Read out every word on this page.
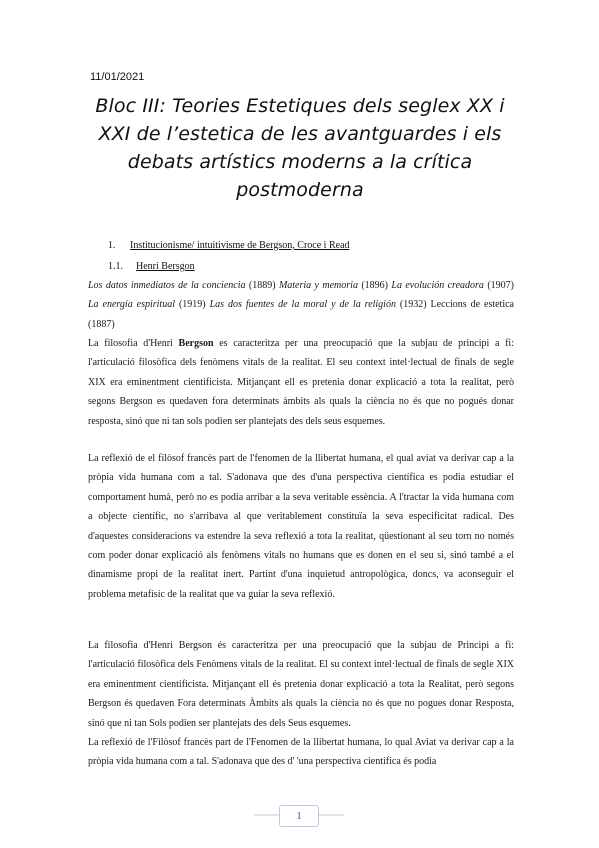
11/01/2021
Bloc III: Teories Estetiques dels seglex XX i XXI de l’estetica de les avantguardes i els debats artístics moderns a la crítica postmoderna
1. Institucionisme/ intuitivisme de Bergson, Croce i Read
1.1. Henri Bersgon

Los datos inmediatos de la conciencia (1889) Materia y memoria (1896) La evolución creadora (1907) La energía espiritual (1919) Las dos fuentes de la moral y de la religión (1932) Leccions de estetica (1887)

La filosofia d'Henri Bergson es caracteritza per una preocupació que la subjau de principi a fi: l'articulació filosòfica dels fenòmens vitals de la realitat. El seu context intel·lectual de finals de segle XIX era eminentment cientificista. Mitjançant ell es pretenia donar explicació a tota la realitat, però segons Bergson es quedaven fora determinats àmbits als quals la ciència no és que no pogués donar resposta, sinó que ni tan sols podien ser plantejats des dels seus esquemes.

La reflexió de el filòsof francès part de l'fenomen de la llibertat humana, el qual aviat va derivar cap a la pròpia vida humana com a tal. S'adonava que des d'una perspectiva científica es podia estudiar el comportament humà, però no es podia arribar a la seva veritable essència. A l'tractar la vida humana com a objecte científic, no s'arribava al que veritablement constituïa la seva especificitat radical. Des d'aquestes consideracions va estendre la seva reflexió a tota la realitat, qüestionant al seu torn no només com poder donar explicació als fenòmens vitals no humans que es donen en el seu si, sinó també a el dinamisme propi de la realitat inert. Partint d'una inquietud antropològica, doncs, va aconseguir el problema metafísic de la realitat que va guiar la seva reflexió.

La filosofia d'Henri Bergson és caracteritza per una preocupació que la subjau de Principi a fi: l'articulació filosòfica dels Fenòmens vitals de la realitat. El su context intel·lectual de finals de segle XIX era eminentment cientificista. Mitjançant ell és pretenia donar explicació a tota la Realitat, però segons Bergson és quedaven Fora determinats Àmbits als quals la ciència no és que no pogues donar Resposta, sinó que ni tan Sols podien ser plantejats des dels Seus esquemes.

La reflexió de l'Filòsof francès part de l'Fenomen de la llibertat humana, lo qual Aviat va derivar cap a la pròpia vida humana com a tal. S'adonava que des d' 'una perspectiva científica és podia

1
